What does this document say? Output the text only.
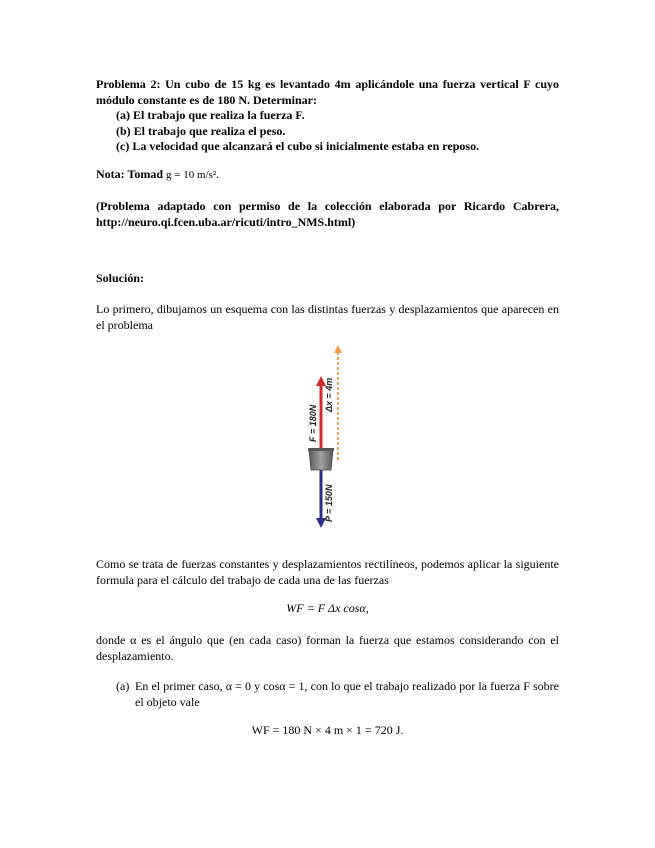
Problema 2: Un cubo de 15 kg es levantado 4m aplicándole una fuerza vertical F cuyo módulo constante es de 180 N. Determinar:

(a) El trabajo que realiza la fuerza F.

(b) El trabajo que realiza el peso.

(c) La velocidad que alcanzará el cubo si inicialmente estaba en reposo.

Nota: Tomad g = 10 m/s².

(Problema adaptado con permiso de la colección elaborada por Ricardo Cabrera, http://neuro.qi.fcen.uba.ar/ricuti/intro_NMS.html)

Solución:

Lo primero, dibujamos un esquema con las distintas fuerzas y desplazamientos que aparecen en el problema

F = 180N
P = 150N
Δx = 4m

Como se trata de fuerzas constantes y desplazamientos rectilíneos, podemos aplicar la siguiente formula para el cálculo del trabajo de cada una de las fuerzas

WF = F Δx cosα,

donde α es el ángulo que (en cada caso) forman la fuerza que estamos considerando con el desplazamiento.

(a) En el primer caso, α = 0 y cosα = 1, con lo que el trabajo realizado por la fuerza F sobre el objeto vale

WF = 180 N × 4 m × 1 = 720 J.
